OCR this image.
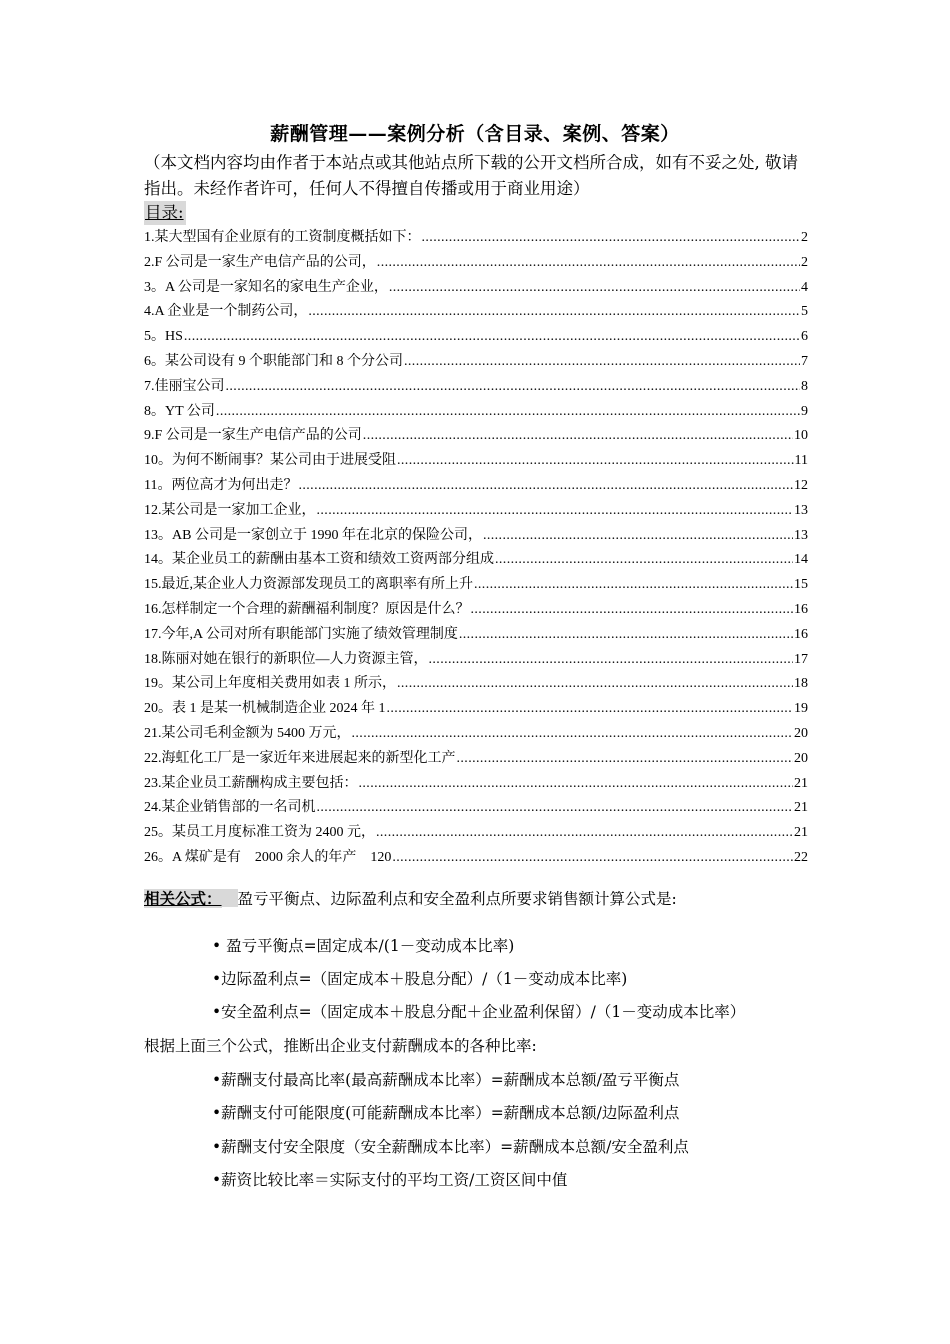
薪酬管理——案例分析（含目录、案例、答案）
（本文档内容均由作者于本站点或其他站点所下载的公开文档所合成，如有不妥之处, 敬请指出。未经作者许可，任何人不得擅自传播或用于商业用途）
目录:
1.某大型国有企业原有的工资制度概括如下： .....	2
2.F 公司是一家生产电信产品的公司， .....	2
3。A 公司是一家知名的家电生产企业， .....	4
4.A 企业是一个制药公司， .....	5
5。HS .....	6
6。某公司设有 9 个职能部门和 8 个分公司 .....	7
7.佳丽宝公司 .....	8
8。YT 公司 .....	9
9.F 公司是一家生产电信产品的公司 .....	10
10。为何不断闹事？某公司由于进展受阻 .....	11
11。两位高才为何出走？ .....	12
12.某公司是一家加工企业， .....	13
13。AB 公司是一家创立于 1990 年在北京的保险公司， .....	13
14。某企业员工的薪酬由基本工资和绩效工资两部分组成 .....	14
15.最近,某企业人力资源部发现员工的离职率有所上升 .....	15
16.怎样制定一个合理的薪酬福利制度？原因是什么？ .....	16
17.今年,A 公司对所有职能部门实施了绩效管理制度 .....	16
18.陈丽对她在银行的新职位—人力资源主管， .....	17
19。某公司上年度相关费用如表 1 所示， .....	18
20。表 1 是某一机械制造企业 2024 年 1 .....	19
21.某公司毛利金额为 5400 万元， .....	20
22.海虹化工厂是一家近年来进展起来的新型化工产 .....	20
23.某企业员工薪酬构成主要包括： .....	21
24.某企业销售部的一名司机 .....	21
25。某员工月度标准工资为 2400 元， .....	21
26。A 煤矿是有　2000 余人的年产　120 .....	22
相关公式： 盈亏平衡点、边际盈利点和安全盈利点所要求销售额计算公式是:
• 盈亏平衡点=固定成本/(1－变动成本比率)
•边际盈利点=（固定成本＋股息分配）/（1－变动成本比率)
•安全盈利点=（固定成本＋股息分配＋企业盈利保留）/（1－变动成本比率）
根据上面三个公式，推断出企业支付薪酬成本的各种比率:
•薪酬支付最高比率(最高薪酬成本比率）=薪酬成本总额/盈亏平衡点
•薪酬支付可能限度(可能薪酬成本比率）=薪酬成本总额/边际盈利点
•薪酬支付安全限度（安全薪酬成本比率）=薪酬成本总额/安全盈利点
•薪资比较比率＝实际支付的平均工资/工资区间中值
